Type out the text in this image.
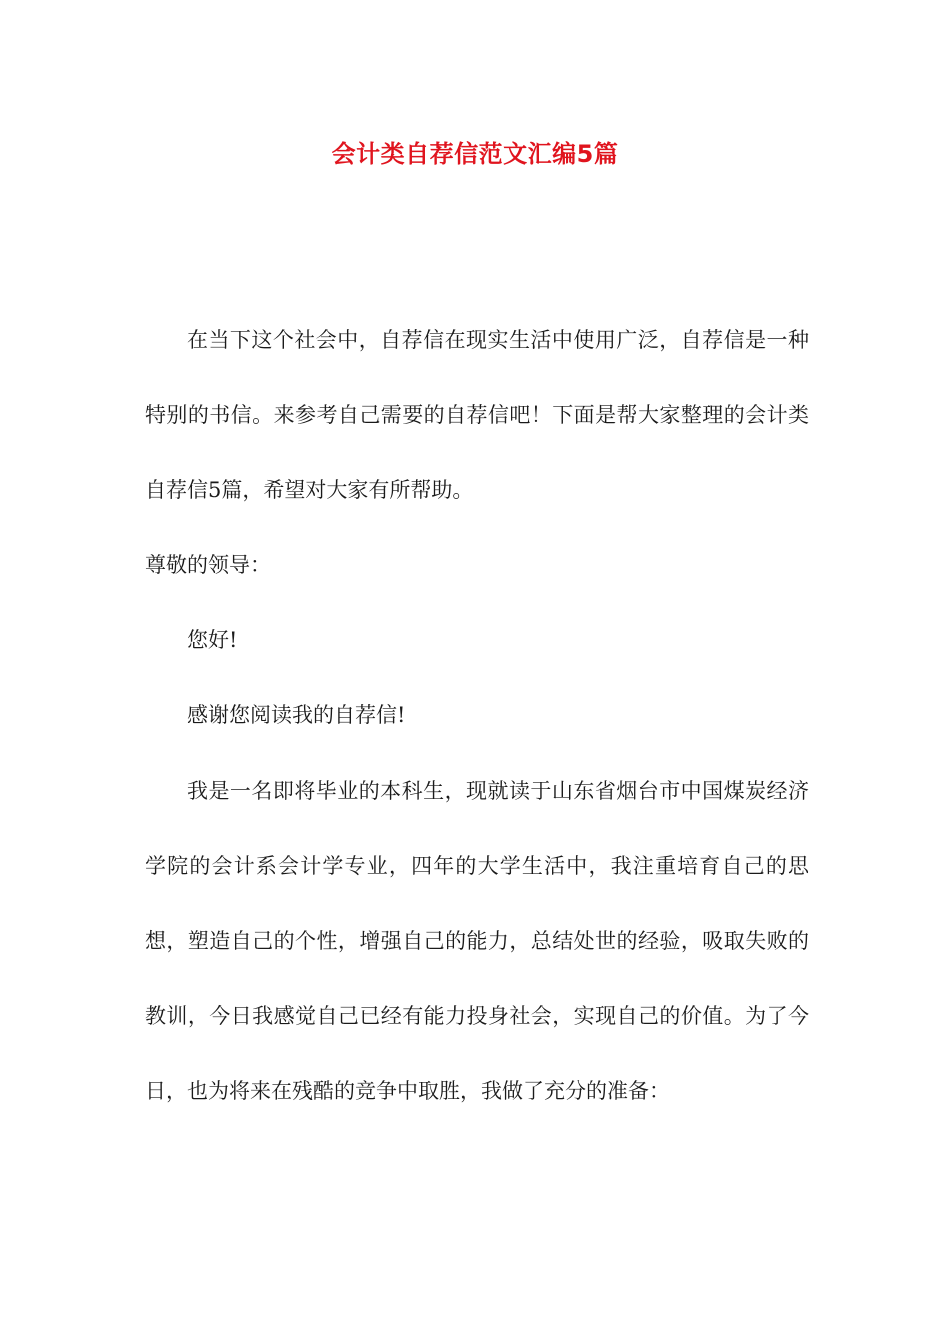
会计类自荐信范文汇编5篇

在当下这个社会中，自荐信在现实生活中使用广泛，自荐信是一种特别的书信。来参考自己需要的自荐信吧！下面是帮大家整理的会计类自荐信5篇，希望对大家有所帮助。

尊敬的领导：

您好!

感谢您阅读我的自荐信!

我是一名即将毕业的本科生，现就读于山东省烟台市中国煤炭经济学院的会计系会计学专业，四年的大学生活中，我注重培育自己的思想，塑造自己的个性，增强自己的能力，总结处世的经验，吸取失败的教训，今日我感觉自己已经有能力投身社会，实现自己的价值。为了今日，也为将来在残酷的竞争中取胜，我做了充分的准备：
